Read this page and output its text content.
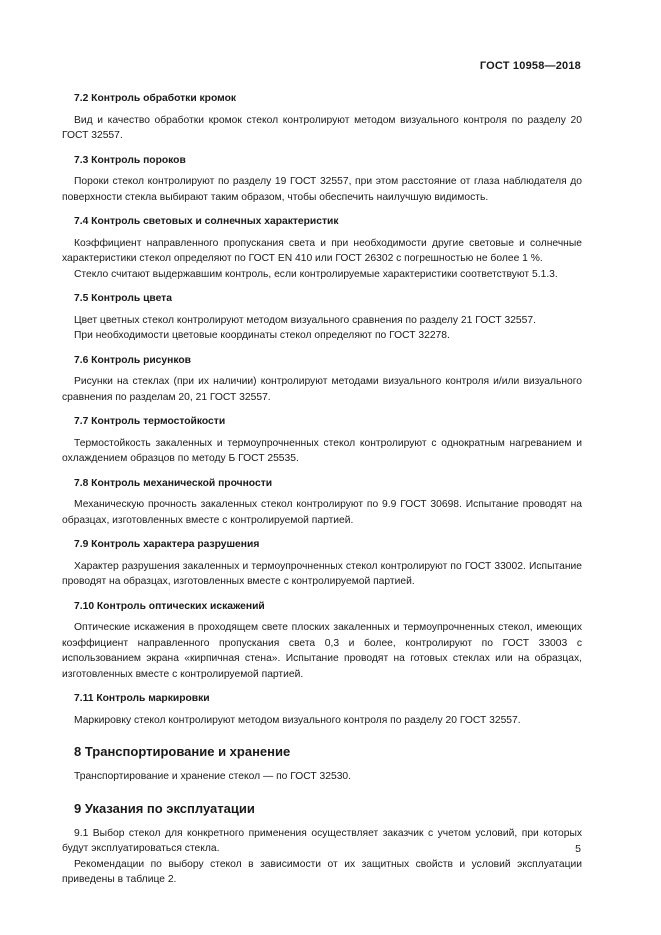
ГОСТ 10958—2018
7.2 Контроль обработки кромок

Вид и качество обработки кромок стекол контролируют методом визуального контроля по разделу 20 ГОСТ 32557.

7.3 Контроль пороков

Пороки стекол контролируют по разделу 19 ГОСТ 32557, при этом расстояние от глаза наблюдателя до поверхности стекла выбирают таким образом, чтобы обеспечить наилучшую видимость.

7.4 Контроль световых и солнечных характеристик

Коэффициент направленного пропускания света и при необходимости другие световые и солнечные характеристики стекол определяют по ГОСТ EN 410 или ГОСТ 26302 с погрешностью не более 1 %.

Стекло считают выдержавшим контроль, если контролируемые характеристики соответствуют 5.1.3.

7.5 Контроль цвета

Цвет цветных стекол контролируют методом визуального сравнения по разделу 21 ГОСТ 32557.

При необходимости цветовые координаты стекол определяют по ГОСТ 32278.

7.6 Контроль рисунков

Рисунки на стеклах (при их наличии) контролируют методами визуального контроля и/или визуального сравнения по разделам 20, 21 ГОСТ 32557.

7.7 Контроль термостойкости

Термостойкость закаленных и термоупрочненных стекол контролируют с однократным нагреванием и охлаждением образцов по методу Б ГОСТ 25535.

7.8 Контроль механической прочности

Механическую прочность закаленных стекол контролируют по 9.9 ГОСТ 30698. Испытание проводят на образцах, изготовленных вместе с контролируемой партией.

7.9 Контроль характера разрушения

Характер разрушения закаленных и термоупрочненных стекол контролируют по ГОСТ 33002. Испытание проводят на образцах, изготовленных вместе с контролируемой партией.

7.10 Контроль оптических искажений

Оптические искажения в проходящем свете плоских закаленных и термоупрочненных стекол, имеющих коэффициент направленного пропускания света 0,3 и более, контролируют по ГОСТ 33003 с использованием экрана «кирпичная стена». Испытание проводят на готовых стеклах или на образцах, изготовленных вместе с контролируемой партией.

7.11 Контроль маркировки

Маркировку стекол контролируют методом визуального контроля по разделу 20 ГОСТ 32557.

8 Транспортирование и хранение

Транспортирование и хранение стекол — по ГОСТ 32530.

9 Указания по эксплуатации

9.1 Выбор стекол для конкретного применения осуществляет заказчик с учетом условий, при которых будут эксплуатироваться стекла.

Рекомендации по выбору стекол в зависимости от их защитных свойств и условий эксплуатации приведены в таблице 2.

5
